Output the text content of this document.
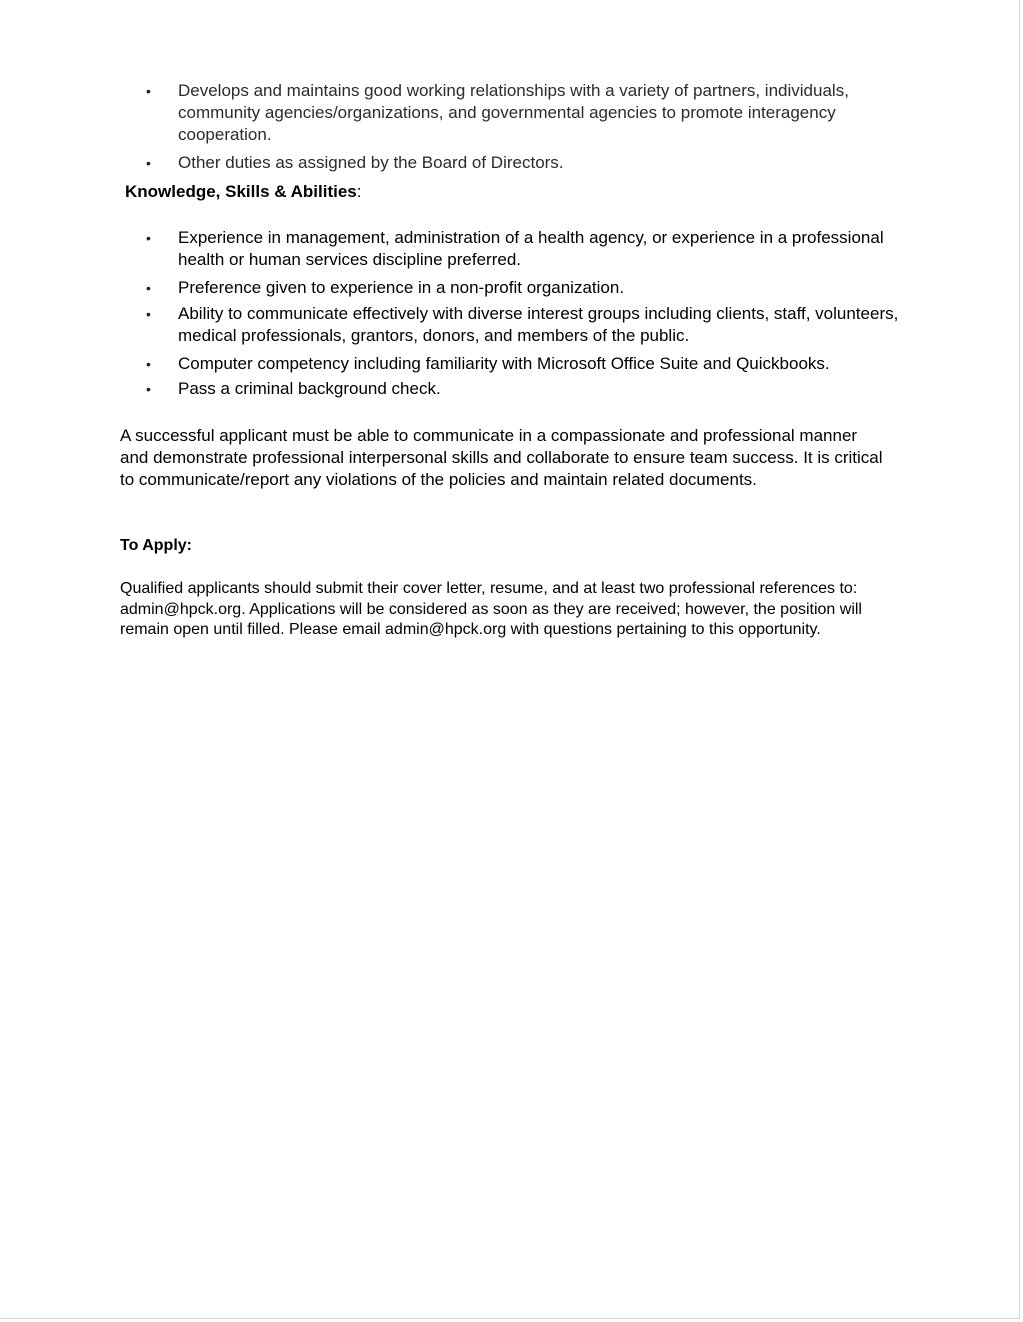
• Develops and maintains good working relationships with a variety of partners, individuals, community agencies/organizations, and governmental agencies to promote interagency cooperation.
• Other duties as assigned by the Board of Directors.
Knowledge, Skills & Abilities:
• Experience in management, administration of a health agency, or experience in a professional health or human services discipline preferred.
• Preference given to experience in a non-profit organization.
• Ability to communicate effectively with diverse interest groups including clients, staff, volunteers, medical professionals, grantors, donors, and members of the public.
• Computer competency including familiarity with Microsoft Office Suite and Quickbooks.
• Pass a criminal background check.

A successful applicant must be able to communicate in a compassionate and professional manner and demonstrate professional interpersonal skills and collaborate to ensure team success. It is critical to communicate/report any violations of the policies and maintain related documents.

To Apply:

Qualified applicants should submit their cover letter, resume, and at least two professional references to: admin@hpck.org. Applications will be considered as soon as they are received; however, the position will remain open until filled. Please email admin@hpck.org with questions pertaining to this opportunity.
